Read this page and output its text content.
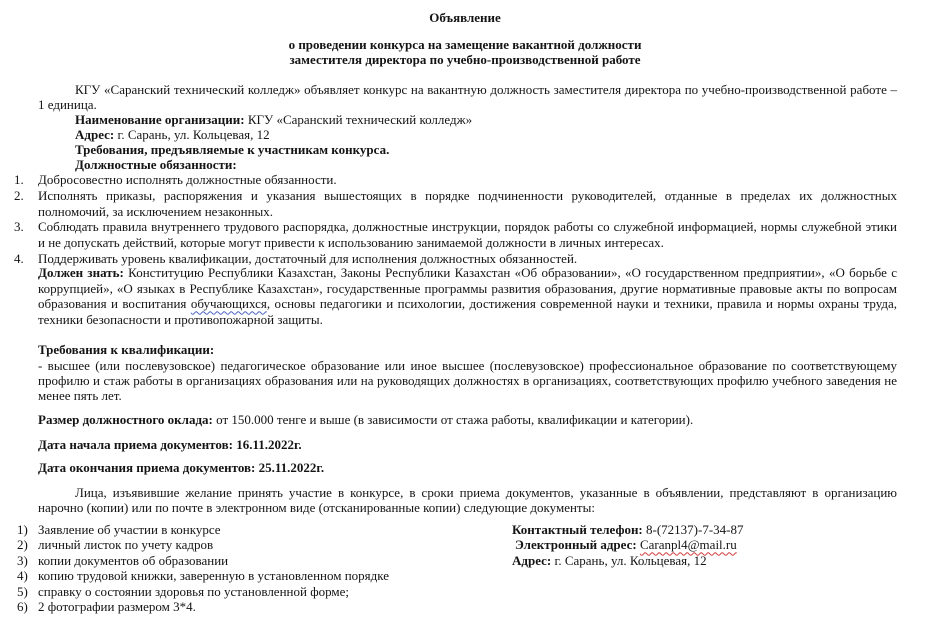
Объявление
о проведении конкурса на замещение вакантной должности
заместителя директора по учебно-производственной работе
КГУ «Саранский технический колледж» объявляет конкурс на вакантную должность заместителя директора по учебно-производственной работе – 1 единица.
Наименование организации: КГУ «Саранский технический колледж»
Адрес: г. Сарань, ул. Кольцевая, 12
Требования, предъявляемые к участникам конкурса.
Должностные обязанности:
1. Добросовестно исполнять должностные обязанности.
2. Исполнять приказы, распоряжения и указания вышестоящих в порядке подчиненности руководителей, отданные в пределах их должностных полномочий, за исключением незаконных.
3. Соблюдать правила внутреннего трудового распорядка, должностные инструкции, порядок работы со служебной информацией, нормы служебной этики и не допускать действий, которые могут привести к использованию занимаемой должности в личных интересах.
4. Поддерживать уровень квалификации, достаточный для исполнения должностных обязанностей.
Должен знать: Конституцию Республики Казахстан, Законы Республики Казахстан «Об образовании», «О государственном предприятии», «О борьбе с коррупцией», «О языках в Республике Казахстан», государственные программы развития образования, другие нормативные правовые акты по вопросам образования и воспитания обучающихся, основы педагогики и психологии, достижения современной науки и техники, правила и нормы охраны труда, техники безопасности и противопожарной защиты.
Требования к квалификации:
- высшее (или послевузовское) педагогическое образование или иное высшее (послевузовское) профессиональное образование по соответствующему профилю и стаж работы в организациях образования или на руководящих должностях в организациях, соответствующих профилю учебного заведения не менее пять лет.
Размер должностного оклада: от 150.000 тенге и выше (в зависимости от стажа работы, квалификации и категории).
Дата начала приема документов: 16.11.2022г.
Дата окончания приема документов: 25.11.2022г.
Лица, изъявившие желание принять участие в конкурсе, в сроки приема документов, указанные в объявлении, представляют в организацию нарочно (копии) или по почте в электронном виде (отсканированные копии) следующие документы:
1) Заявление об участии в конкурсе
2) личный листок по учету кадров
3) копии документов об образовании
4) копию трудовой книжки, заверенную в установленном порядке
5) справку о состоянии здоровья по установленной форме;
6) 2 фотографии размером 3*4.
Контактный телефон: 8-(72137)-7-34-87
Электронный адрес: Caranpl4@mail.ru
Адрес: г. Сарань, ул. Кольцевая, 12
